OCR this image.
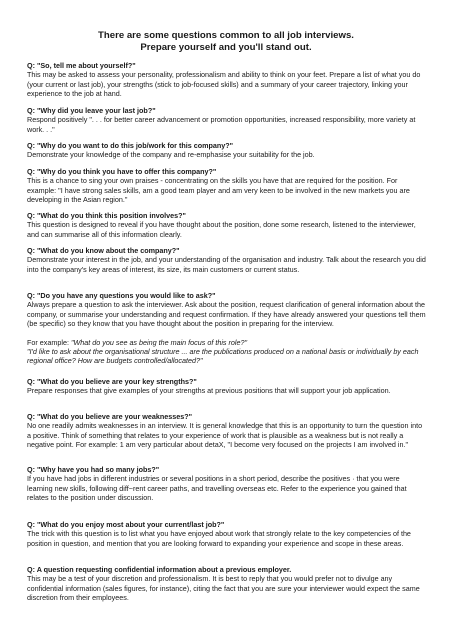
There are some questions common to all job interviews.
Prepare yourself and you'll stand out.

Q: "So, tell me about yourself?"

This may be asked to assess your personality, professionalism and ability to think on your feet. Prepare a list of what you do (your current or last job), your strengths (stick to job-focused skills) and a summary of your career trajectory, linking your experience to the job at hand.

Q: "Why did you leave your last job?"

Respond positively ". . . for better career advancement or promotion opportunities, increased responsibility, more variety at work. . ."

Q: "Why do you want to do this job/work for this company?"

Demonstrate your knowledge of the company and re-emphasise your suitability for the job.

Q: "Why do you think you have to offer this company?"

This is a chance to sing your own praises - concentrating on the skills you have that are required for the position. For example: "I have strong sales skills, am a good team player and am very keen to be involved in the new markets you are developing in the Asian region."

Q: "What do you think this position involves?"

This question is designed to reveal if you have thought about the position, done some research, listened to the interviewer, and can summarise all of this information clearly.

Q: "What do you know about the company?"

Demonstrate your interest in the job, and your understanding of the organisation and industry. Talk about the research you did into the company's key areas of interest, its size, its main customers or current status.

Q: "Do you have any questions you would like to ask?"

Always prepare a question to ask the interviewer. Ask about the position, request clarification of general information about the company, or summarise your understanding and request confirmation. If they have already answered your questions tell them (be specific) so they know that you have thought about the position in preparing for the interview.

For example: "What do you see as being the main focus of this role?"

"I'd like to ask about the organisational structure ... are the publications produced on a national basis or individually by each regional office? How are budgets controlled/allocated?"

Q: "What do you believe are your key strengths?"

Prepare responses that give examples of your strengths at previous positions that will support your job application.

Q: "What do you believe are your weaknesses?"

No one readily admits weaknesses in an interview. It is general knowledge that this is an opportunity to turn the question into a positive. Think of something that relates to your experience of work that is plausible as a weakness but is not really a negative point. For example: 1 am very particular about detaX, "I become very focused on the projects I am involved in."

Q: "Why have you had so many jobs?"

If you have had jobs in different industries or several positions in a short period, describe the positives · that you were learning new skills, following diff~rent career paths, and travelling overseas etc. Refer to the experience you gained that relates to the position under discussion.

Q: "What do you enjoy most about your current/last job?"

The trick with this question is to list what you have enjoyed about work that strongly relate to the key competencies of the position in question, and mention that you are looking forward to expanding your experience and scope in these areas.

Q: A question requesting confidential information about a previous employer.

This may be a test of your discretion and professionalism. It is best to reply that you would prefer not to divulge any confidential information (sales figures, for instance), citing the fact that you are sure your interviewer would expect the same discretion from their employees.
